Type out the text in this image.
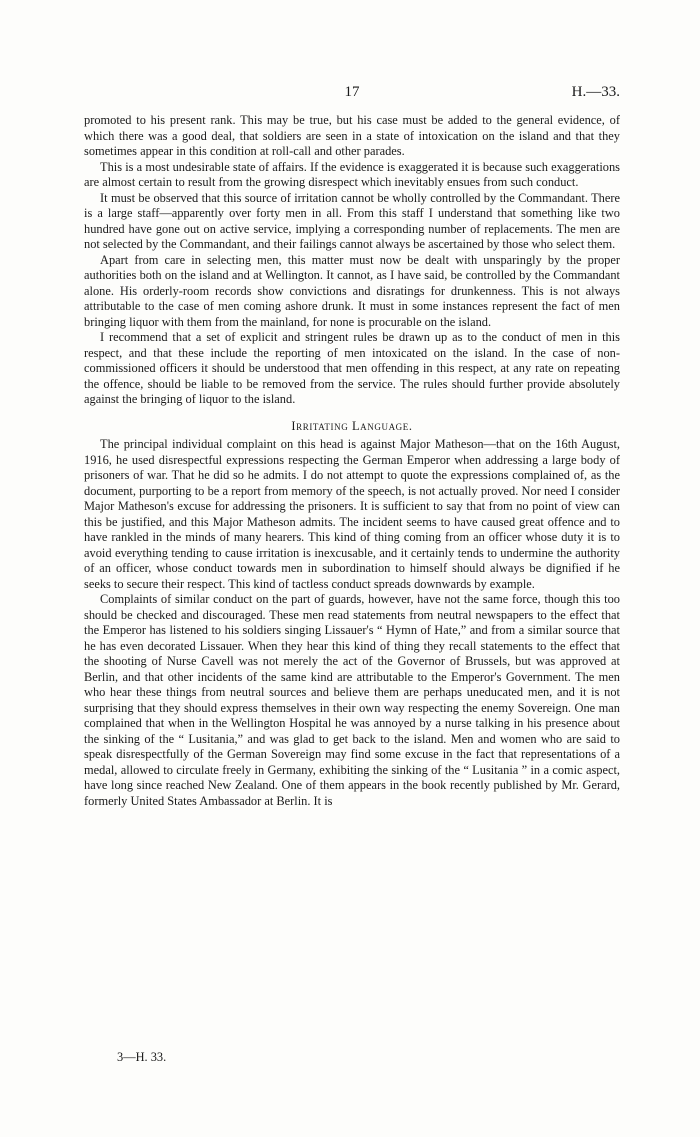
17	H.—33.

promoted to his present rank. This may be true, but his case must be added to the general evidence, of which there was a good deal, that soldiers are seen in a state of intoxication on the island and that they sometimes appear in this condition at roll-call and other parades.

This is a most undesirable state of affairs. If the evidence is exaggerated it is because such exaggerations are almost certain to result from the growing disrespect which inevitably ensues from such conduct.

It must be observed that this source of irritation cannot be wholly controlled by the Commandant. There is a large staff—apparently over forty men in all. From this staff I understand that something like two hundred have gone out on active service, implying a corresponding number of replacements. The men are not selected by the Commandant, and their failings cannot always be ascertained by those who select them.

Apart from care in selecting men, this matter must now be dealt with unsparingly by the proper authorities both on the island and at Wellington. It cannot, as I have said, be controlled by the Commandant alone. His orderly-room records show convictions and disratings for drunkenness. This is not always attributable to the case of men coming ashore drunk. It must in some instances represent the fact of men bringing liquor with them from the mainland, for none is procurable on the island.

I recommend that a set of explicit and stringent rules be drawn up as to the conduct of men in this respect, and that these include the reporting of men intoxicated on the island. In the case of non-commissioned officers it should be understood that men offending in this respect, at any rate on repeating the offence, should be liable to be removed from the service. The rules should further provide absolutely against the bringing of liquor to the island.

Irritating Language.

The principal individual complaint on this head is against Major Matheson—that on the 16th August, 1916, he used disrespectful expressions respecting the German Emperor when addressing a large body of prisoners of war. That he did so he admits. I do not attempt to quote the expressions complained of, as the document, purporting to be a report from memory of the speech, is not actually proved. Nor need I consider Major Matheson's excuse for addressing the prisoners. It is sufficient to say that from no point of view can this be justified, and this Major Matheson admits. The incident seems to have caused great offence and to have rankled in the minds of many hearers. This kind of thing coming from an officer whose duty it is to avoid everything tending to cause irritation is inexcusable, and it certainly tends to undermine the authority of an officer, whose conduct towards men in subordination to himself should always be dignified if he seeks to secure their respect. This kind of tactless conduct spreads downwards by example.

Complaints of similar conduct on the part of guards, however, have not the same force, though this too should be checked and discouraged. These men read statements from neutral newspapers to the effect that the Emperor has listened to his soldiers singing Lissauer's “ Hymn of Hate,” and from a similar source that he has even decorated Lissauer. When they hear this kind of thing they recall statements to the effect that the shooting of Nurse Cavell was not merely the act of the Governor of Brussels, but was approved at Berlin, and that other incidents of the same kind are attributable to the Emperor's Government. The men who hear these things from neutral sources and believe them are perhaps uneducated men, and it is not surprising that they should express themselves in their own way respecting the enemy Sovereign. One man complained that when in the Wellington Hospital he was annoyed by a nurse talking in his presence about the sinking of the “ Lusitania,” and was glad to get back to the island. Men and women who are said to speak disrespectfully of the German Sovereign may find some excuse in the fact that representations of a medal, allowed to circulate freely in Germany, exhibiting the sinking of the “ Lusitania ” in a comic aspect, have long since reached New Zealand. One of them appears in the book recently published by Mr. Gerard, formerly United States Ambassador at Berlin. It is

3—H. 33.
